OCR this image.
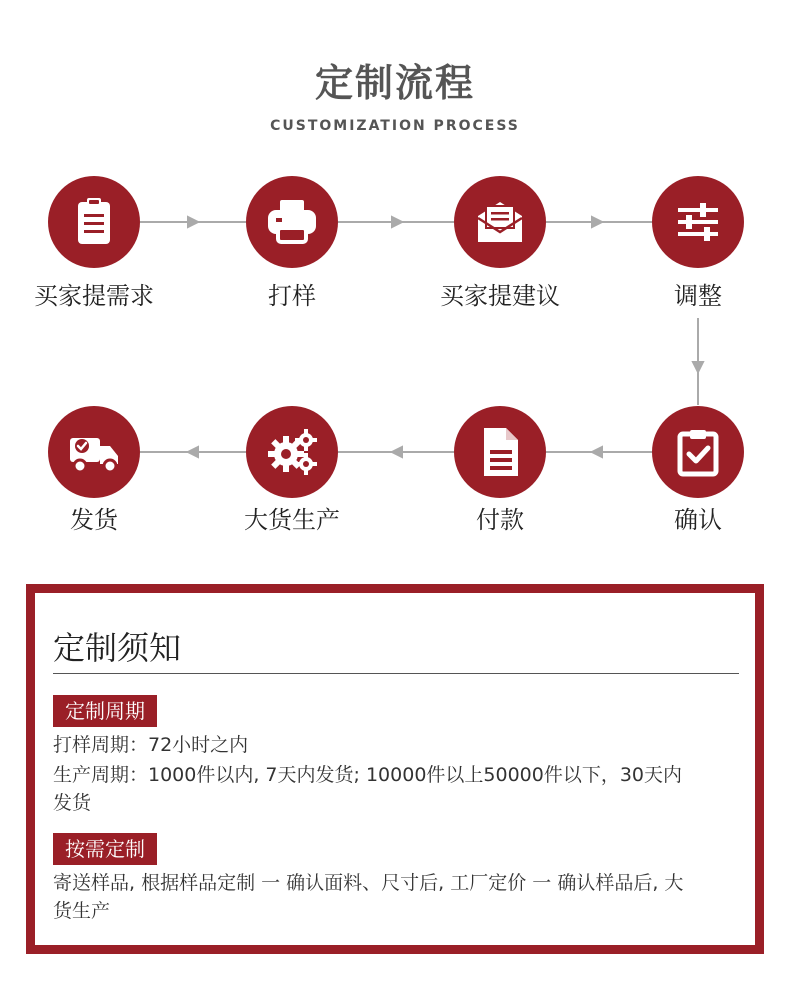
定制流程
CUSTOMIZATION PROCESS
买家提需求	打样	买家提建议	调整
确认
付款
大货生产
发货
定制须知
定制周期
打样周期：72小时之内
生产周期：1000件以内, 7天内发货; 10000件以上50000件以下，30天内
发货
按需定制
寄送样品, 根据样品定制 一 确认面料、尺寸后, 工厂定价 一 确认样品后, 大
货生产
